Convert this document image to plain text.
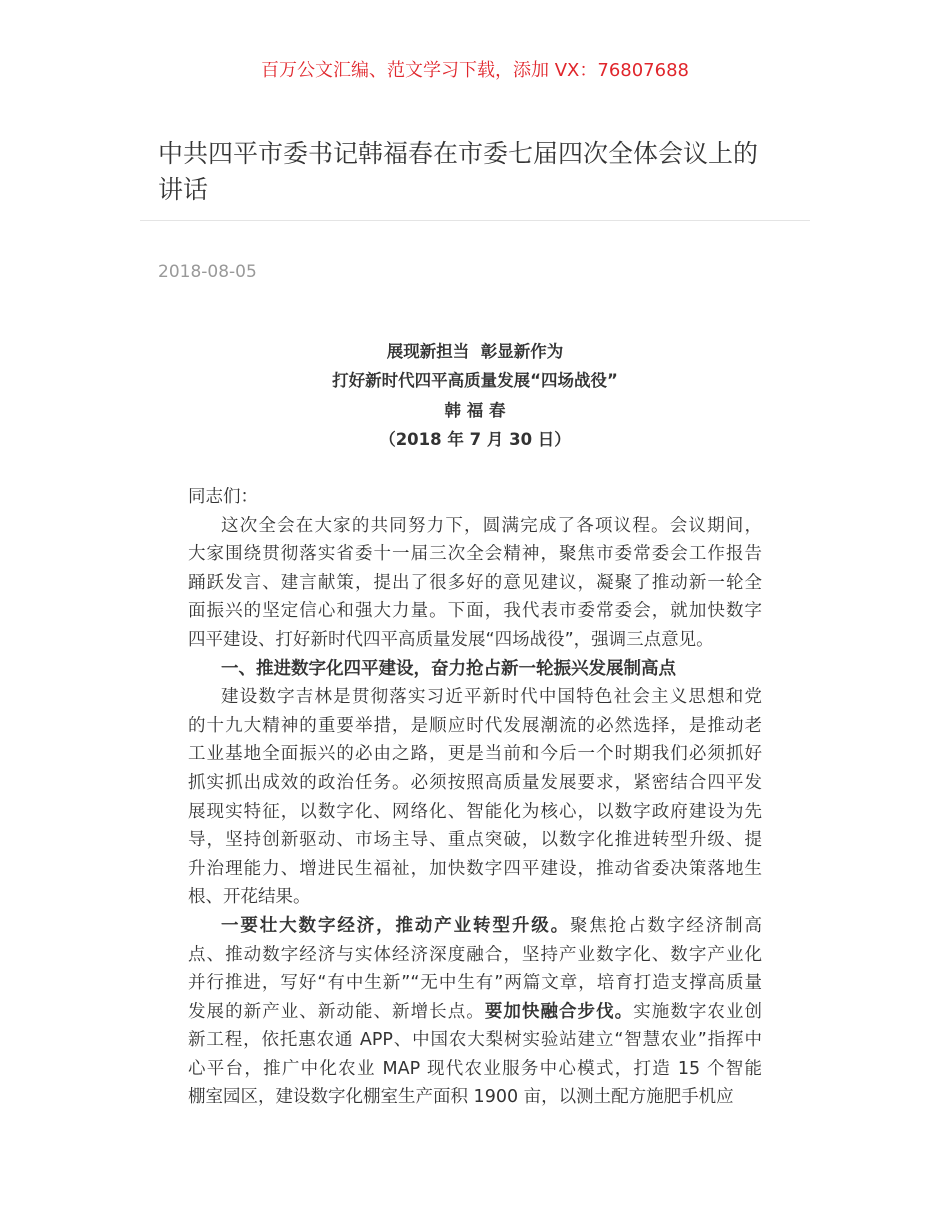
百万公文汇编、范文学习下载，添加 VX：76807688
中共四平市委书记韩福春在市委七届四次全体会议上的
讲话
2018-08-05
展现新担当  彰显新作为
打好新时代四平高质量发展“四场战役”
韩 福 春
（2018 年 7 月 30 日）
同志们：
这次全会在大家的共同努力下，圆满完成了各项议程。会议期间，
大家围绕贯彻落实省委十一届三次全会精神，聚焦市委常委会工作报告
踊跃发言、建言献策，提出了很多好的意见建议，凝聚了推动新一轮全
面振兴的坚定信心和强大力量。下面，我代表市委常委会，就加快数字
四平建设、打好新时代四平高质量发展“四场战役”，强调三点意见。
一、推进数字化四平建设，奋力抢占新一轮振兴发展制高点
建设数字吉林是贯彻落实习近平新时代中国特色社会主义思想和党
的十九大精神的重要举措，是顺应时代发展潮流的必然选择，是推动老
工业基地全面振兴的必由之路，更是当前和今后一个时期我们必须抓好
抓实抓出成效的政治任务。必须按照高质量发展要求，紧密结合四平发
展现实特征，以数字化、网络化、智能化为核心，以数字政府建设为先
导，坚持创新驱动、市场主导、重点突破，以数字化推进转型升级、提
升治理能力、增进民生福祉，加快数字四平建设，推动省委决策落地生
根、开花结果。
一要壮大数字经济，推动产业转型升级。聚焦抢占数字经济制高
点、推动数字经济与实体经济深度融合，坚持产业数字化、数字产业化
并行推进，写好“有中生新”“无中生有”两篇文章，培育打造支撑高质量
发展的新产业、新动能、新增长点。要加快融合步伐。实施数字农业创
新工程，依托惠农通 APP、中国农大梨树实验站建立“智慧农业”指挥中
心平台，推广中化农业 MAP 现代农业服务中心模式，打造 15 个智能
棚室园区，建设数字化棚室生产面积 1900 亩，以测土配方施肥手机应
